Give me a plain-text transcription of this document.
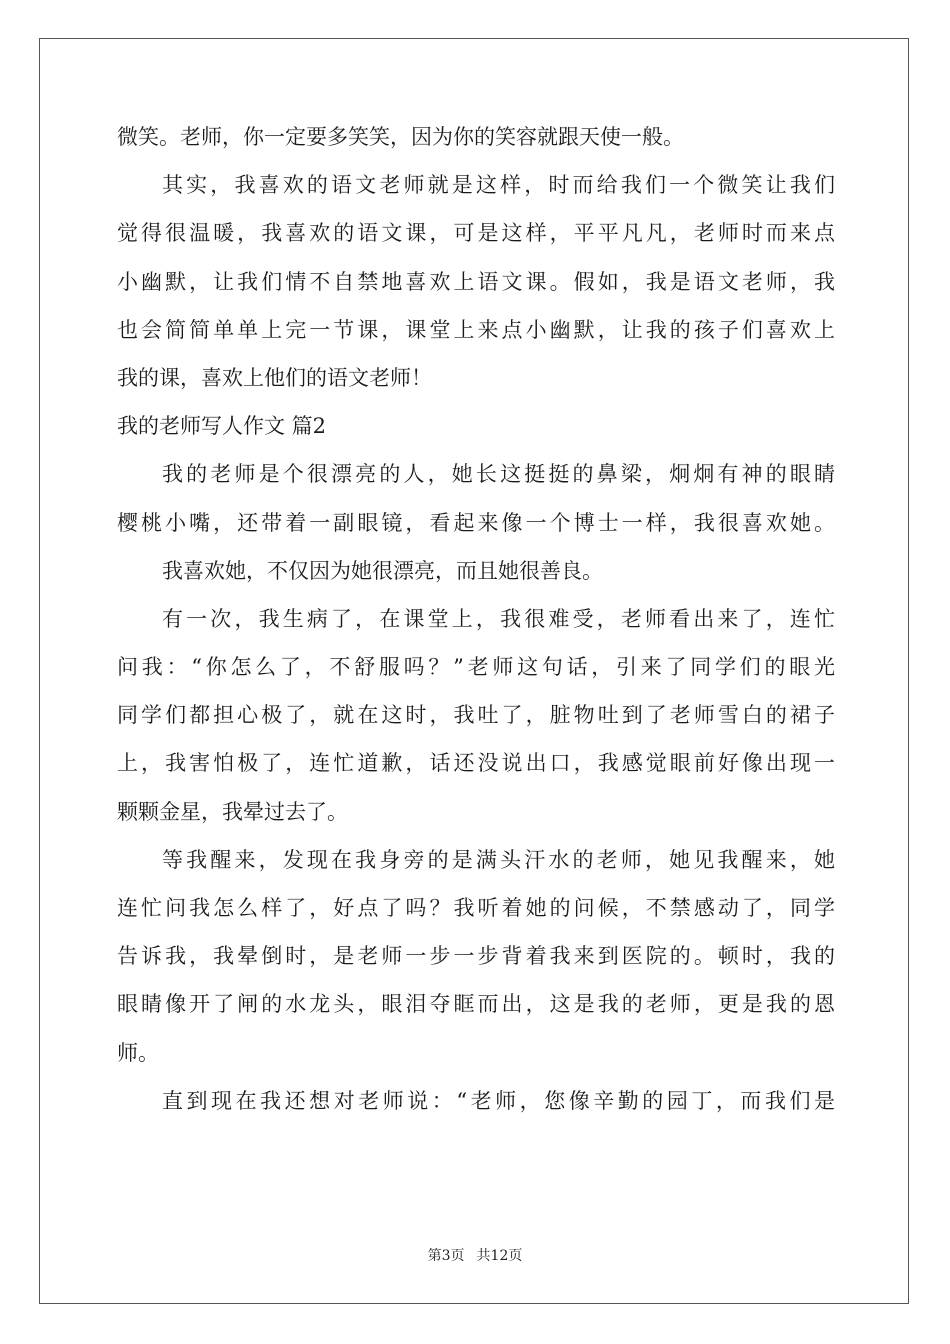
微笑。老师，你一定要多笑笑，因为你的笑容就跟天使一般。
其实，我喜欢的语文老师就是这样，时而给我们一个微笑让我们
觉得很温暖，我喜欢的语文课，可是这样，平平凡凡，老师时而来点
小幽默，让我们情不自禁地喜欢上语文课。假如，我是语文老师，我
也会简简单单上完一节课，课堂上来点小幽默，让我的孩子们喜欢上
我的课，喜欢上他们的语文老师！
我的老师写人作文 篇2
我的老师是个很漂亮的人，她长这挺挺的鼻梁，炯炯有神的眼睛
樱桃小嘴，还带着一副眼镜，看起来像一个博士一样，我很喜欢她。
我喜欢她，不仅因为她很漂亮，而且她很善良。
有一次，我生病了，在课堂上，我很难受，老师看出来了，连忙
问我：“你怎么了，不舒服吗？”老师这句话，引来了同学们的眼光
同学们都担心极了，就在这时，我吐了，脏物吐到了老师雪白的裙子
上，我害怕极了，连忙道歉，话还没说出口，我感觉眼前好像出现一
颗颗金星，我晕过去了。
等我醒来，发现在我身旁的是满头汗水的老师，她见我醒来，她
连忙问我怎么样了，好点了吗？我听着她的问候，不禁感动了，同学
告诉我，我晕倒时，是老师一步一步背着我来到医院的。顿时，我的
眼睛像开了闸的水龙头，眼泪夺眶而出，这是我的老师，更是我的恩
师。
直到现在我还想对老师说：“老师，您像辛勤的园丁，而我们是
第3页 共12页
